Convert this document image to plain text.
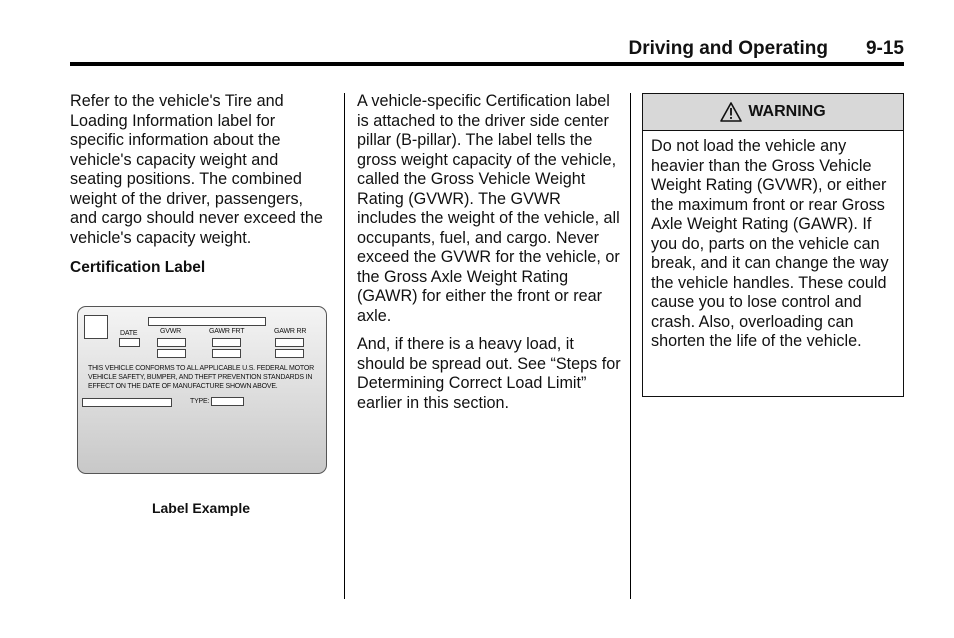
Driving and Operating 9-15

Refer to the vehicle's Tire and Loading Information label for specific information about the vehicle's capacity weight and seating positions. The combined weight of the driver, passengers, and cargo should never exceed the vehicle's capacity weight.

Certification Label

DATE	GVWR	GAWR FRT	GAWR RR
THIS VEHICLE CONFORMS TO ALL APPLICABLE U.S. FEDERAL MOTOR VEHICLE SAFETY, BUMPER, AND THEFT PREVENTION STANDARDS IN EFFECT ON THE DATE OF MANUFACTURE SHOWN ABOVE.
TYPE:
Label Example

A vehicle-specific Certification label is attached to the driver side center pillar (B-pillar). The label tells the gross weight capacity of the vehicle, called the Gross Vehicle Weight Rating (GVWR). The GVWR includes the weight of the vehicle, all occupants, fuel, and cargo. Never exceed the GVWR for the vehicle, or the Gross Axle Weight Rating (GAWR) for either the front or rear axle.

And, if there is a heavy load, it should be spread out. See “Steps for Determining Correct Load Limit” earlier in this section.

WARNING
Do not load the vehicle any heavier than the Gross Vehicle Weight Rating (GVWR), or either the maximum front or rear Gross Axle Weight Rating (GAWR). If you do, parts on the vehicle can break, and it can change the way the vehicle handles. These could cause you to lose control and crash. Also, overloading can shorten the life of the vehicle.
